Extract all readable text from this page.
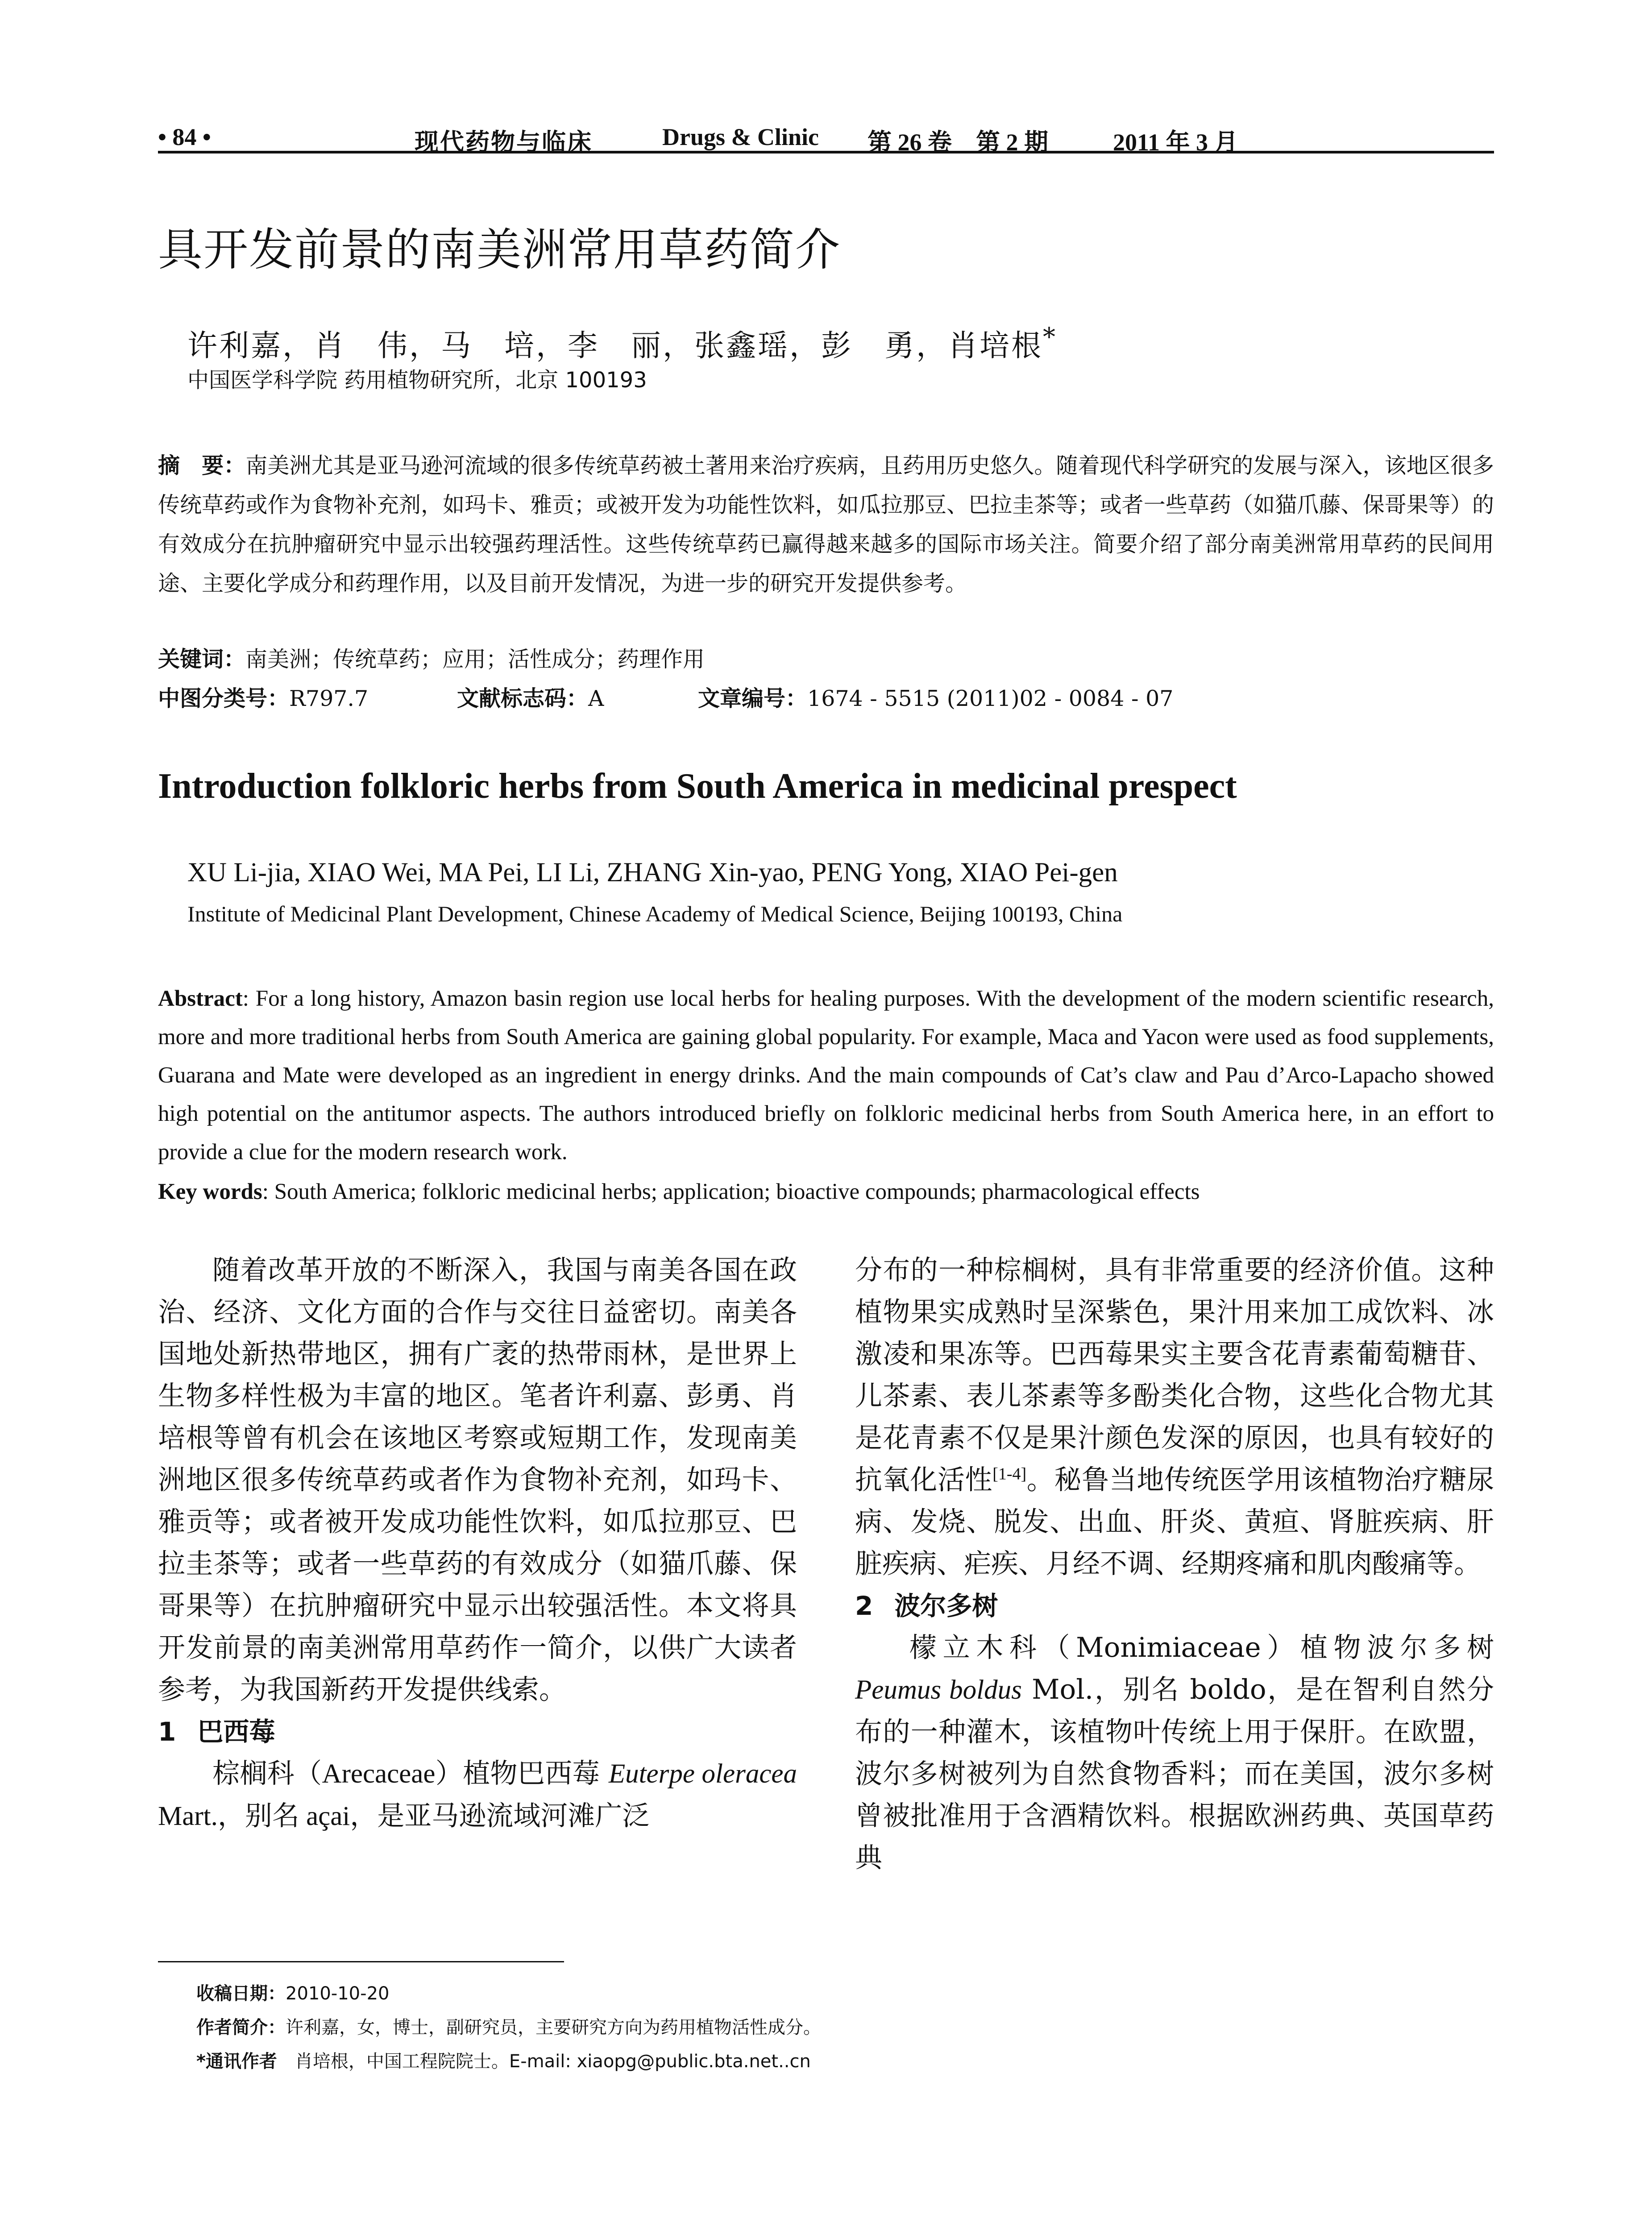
• 84 •	现代药物与临床	Drugs & Clinic 第 26 卷　第 2 期	2011 年 3 月
具开发前景的南美洲常用草药简介
许利嘉，肖　伟，马　培，李　丽，张鑫瑶，彭　勇，肖培根*
中国医学科学院 药用植物研究所，北京 100193
摘　要：南美洲尤其是亚马逊河流域的很多传统草药被土著用来治疗疾病，且药用历史悠久。随着现代科学研究的发展与深入，该地区很多传统草药或作为食物补充剂，如玛卡、雅贡；或被开发为功能性饮料，如瓜拉那豆、巴拉圭茶等；或者一些草药（如猫爪藤、保哥果等）的有效成分在抗肿瘤研究中显示出较强药理活性。这些传统草药已赢得越来越多的国际市场关注。简要介绍了部分南美洲常用草药的民间用途、主要化学成分和药理作用，以及目前开发情况，为进一步的研究开发提供参考。
关键词：南美洲；传统草药；应用；活性成分；药理作用
中图分类号：R797.7	文献标志码：A	文章编号：1674 - 5515 (2011)02 - 0084 - 07
Introduction folkloric herbs from South America in medicinal prespect
XU Li-jia, XIAO Wei, MA Pei, LI Li, ZHANG Xin-yao, PENG Yong, XIAO Pei-gen
Institute of Medicinal Plant Development, Chinese Academy of Medical Science, Beijing 100193, China
Abstract: For a long history, Amazon basin region use local herbs for healing purposes. With the development of the modern scientific research, more and more traditional herbs from South America are gaining global popularity. For example, Maca and Yacon were used as food supplements, Guarana and Mate were developed as an ingredient in energy drinks. And the main compounds of Cat’s claw and Pau d’Arco-Lapacho showed high potential on the antitumor aspects. The authors introduced briefly on folkloric medicinal herbs from South America here, in an effort to provide a clue for the modern research work.
Key words: South America; folkloric medicinal herbs; application; bioactive compounds; pharmacological effects

随着改革开放的不断深入，我国与南美各国在政治、经济、文化方面的合作与交往日益密切。南美各国地处新热带地区，拥有广袤的热带雨林，是世界上生物多样性极为丰富的地区。笔者许利嘉、彭勇、肖培根等曾有机会在该地区考察或短期工作，发现南美洲地区很多传统草药或者作为食物补充剂，如玛卡、雅贡等；或者被开发成功能性饮料，如瓜拉那豆、巴拉圭茶等；或者一些草药的有效成分（如猫爪藤、保哥果等）在抗肿瘤研究中显示出较强活性。本文将具开发前景的南美洲常用草药作一简介，以供广大读者参考，为我国新药开发提供线索。

1 巴西莓

棕榈科（Arecaceae）植物巴西莓 Euterpe oleracea Mart.，别名 açai，是亚马逊流域河滩广泛

分布的一种棕榈树，具有非常重要的经济价值。这种植物果实成熟时呈深紫色，果汁用来加工成饮料、冰激凌和果冻等。巴西莓果实主要含花青素葡萄糖苷、儿茶素、表儿茶素等多酚类化合物，这些化合物尤其是花青素不仅是果汁颜色发深的原因，也具有较好的抗氧化活性[1-4]。秘鲁当地传统医学用该植物治疗糖尿病、发烧、脱发、出血、肝炎、黄疸、肾脏疾病、肝脏疾病、疟疾、月经不调、经期疼痛和肌肉酸痛等。

2 波尔多树

檬立木科（Monimiaceae）植物波尔多树 Peumus boldus Mol.，别名 boldo，是在智利自然分布的一种灌木，该植物叶传统上用于保肝。在欧盟，波尔多树被列为自然食物香料；而在美国，波尔多树曾被批准用于含酒精饮料。根据欧洲药典、英国草药典

收稿日期：2010-10-20
作者简介：许利嘉，女，博士，副研究员，主要研究方向为药用植物活性成分。
*通讯作者　肖培根，中国工程院院士。E-mail: xiaopg@public.bta.net..cn
